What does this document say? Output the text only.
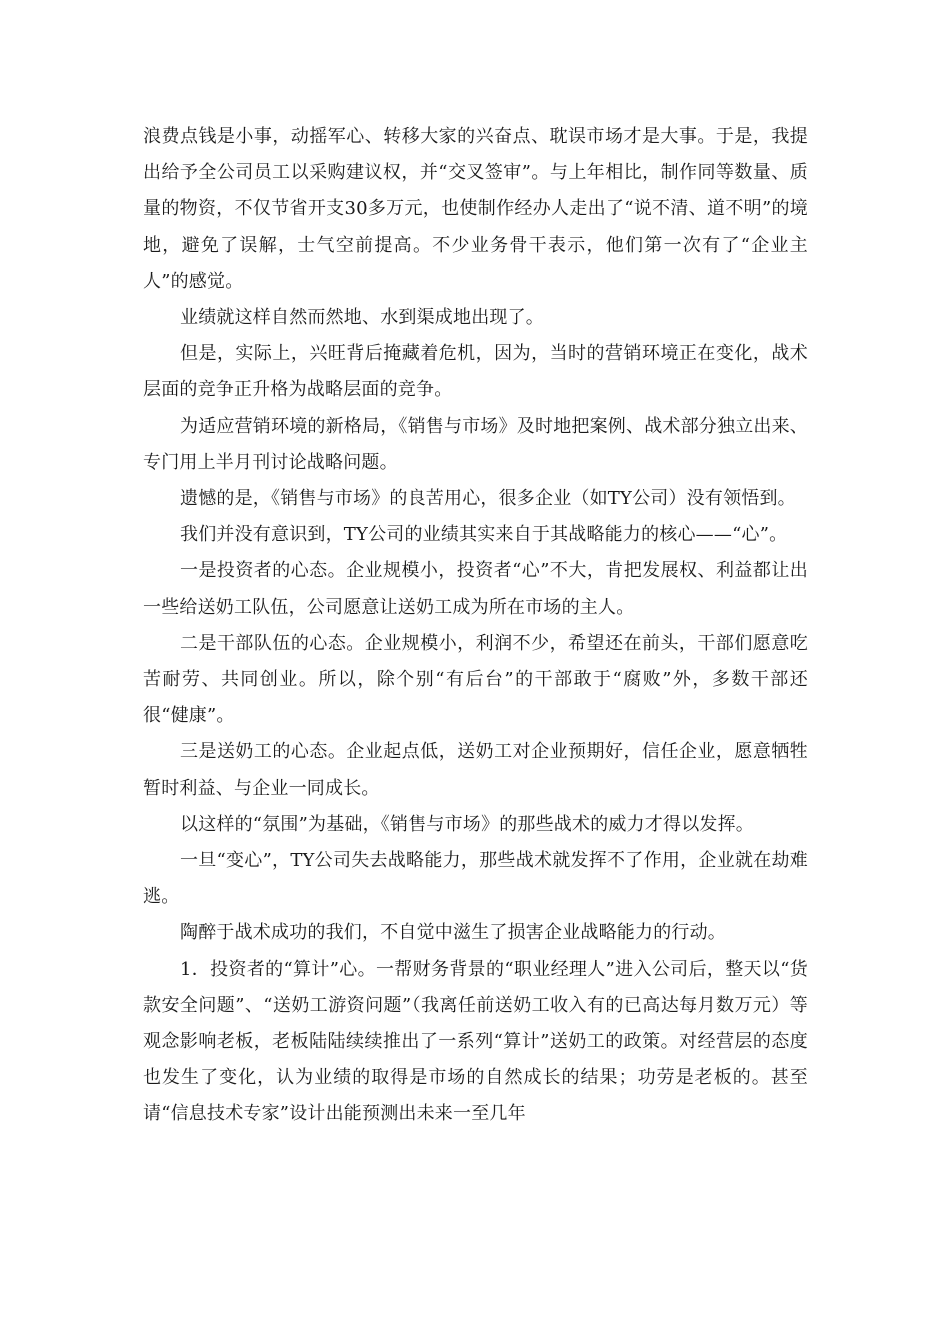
浪费点钱是小事，动摇军心、转移大家的兴奋点、耽误市场才是大事。于是，我提出给予全公司员工以采购建议权，并“交叉签审”。与上年相比，制作同等数量、质量的物资，不仅节省开支30多万元，也使制作经办人走出了“说不清、道不明”的境地，避免了误解，士气空前提高。不少业务骨干表示，他们第一次有了“企业主人”的感觉。

业绩就这样自然而然地、水到渠成地出现了。

但是，实际上，兴旺背后掩藏着危机，因为，当时的营销环境正在变化，战术层面的竞争正升格为战略层面的竞争。

为适应营销环境的新格局，《销售与市场》及时地把案例、战术部分独立出来、专门用上半月刊讨论战略问题。

遗憾的是，《销售与市场》的良苦用心，很多企业（如TY公司）没有领悟到。

我们并没有意识到，TY公司的业绩其实来自于其战略能力的核心——“心”。

一是投资者的心态。企业规模小，投资者“心”不大，肯把发展权、利益都让出一些给送奶工队伍，公司愿意让送奶工成为所在市场的主人。

二是干部队伍的心态。企业规模小，利润不少，希望还在前头，干部们愿意吃苦耐劳、共同创业。所以，除个别“有后台”的干部敢于“腐败”外，多数干部还很“健康”。

三是送奶工的心态。企业起点低，送奶工对企业预期好，信任企业，愿意牺牲暂时利益、与企业一同成长。

以这样的“氛围”为基础，《销售与市场》的那些战术的威力才得以发挥。

一旦“变心”，TY公司失去战略能力，那些战术就发挥不了作用，企业就在劫难逃。

陶醉于战术成功的我们，不自觉中滋生了损害企业战略能力的行动。

1．投资者的“算计”心。一帮财务背景的“职业经理人”进入公司后，整天以“货款安全问题”、“送奶工游资问题”（我离任前送奶工收入有的已高达每月数万元）等观念影响老板，老板陆陆续续推出了一系列“算计”送奶工的政策。对经营层的态度也发生了变化，认为业绩的取得是市场的自然成长的结果；功劳是老板的。甚至请“信息技术专家”设计出能预测出未来一至几年
